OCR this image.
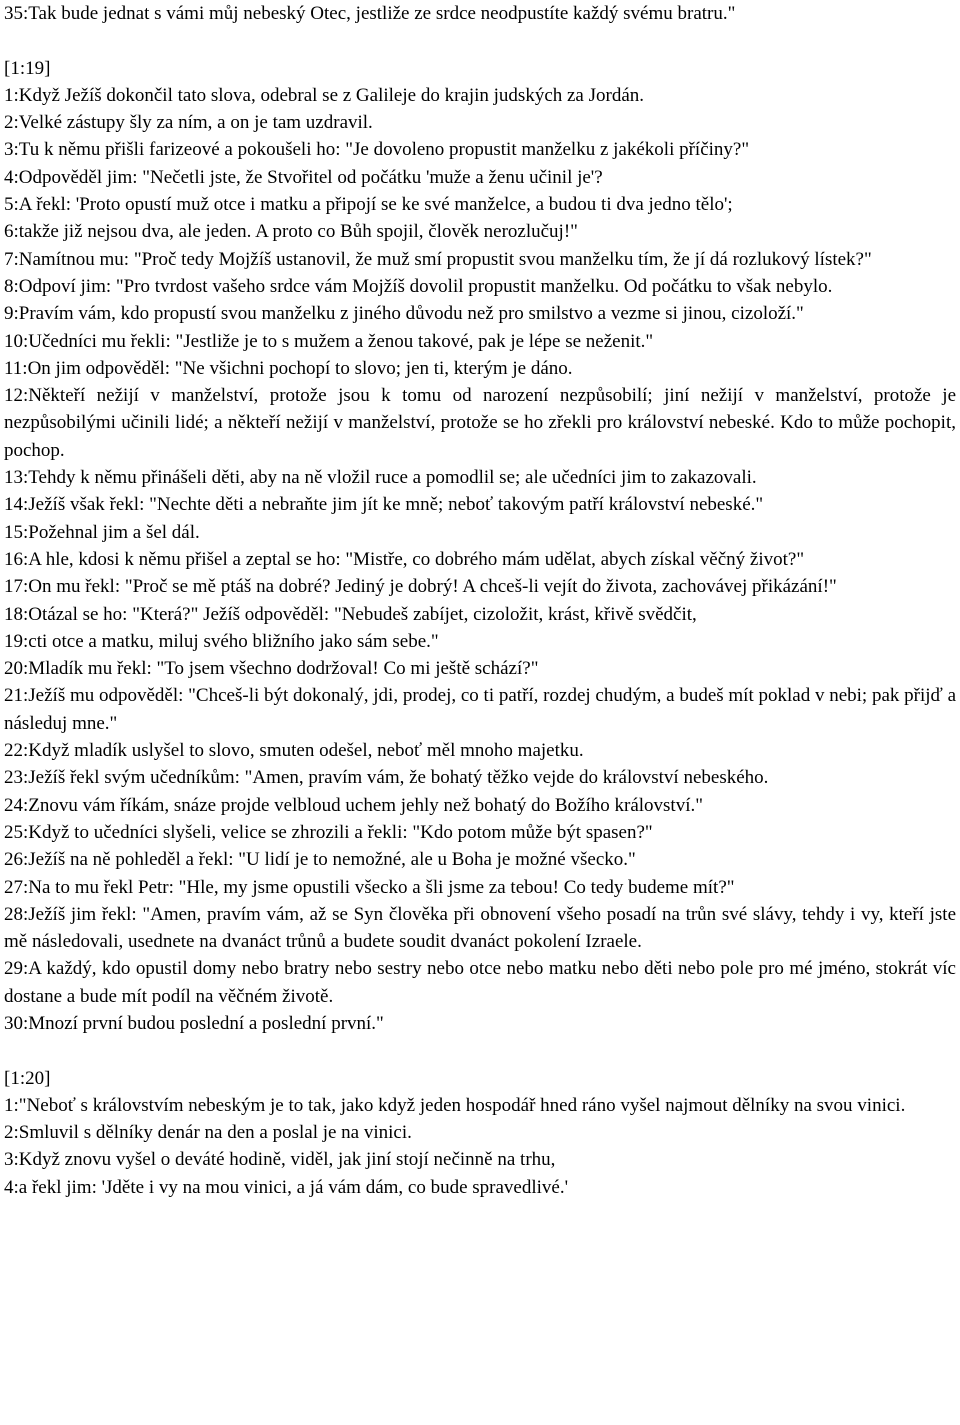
35:Tak bude jednat s vámi můj nebeský Otec, jestliže ze srdce neodpustíte každý svému bratru."

[1:19]

1:Když Ježíš dokončil tato slova, odebral se z Galileje do krajin judských za Jordán.

2:Velké zástupy šly za ním, a on je tam uzdravil.

3:Tu k němu přišli farizeové a pokoušeli ho: "Je dovoleno propustit manželku z jakékoli příčiny?"

4:Odpověděl jim: "Nečetli jste, že Stvořitel od počátku 'muže a ženu učinil je'?

5:A řekl: 'Proto opustí muž otce i matku a připojí se ke své manželce, a budou ti dva jedno tělo';

6:takže již nejsou dva, ale jeden. A proto co Bůh spojil, člověk nerozlučuj!"

7:Namítnou mu: "Proč tedy Mojžíš ustanovil, že muž smí propustit svou manželku tím, že jí dá rozlukový lístek?"

8:Odpoví jim: "Pro tvrdost vašeho srdce vám Mojžíš dovolil propustit manželku. Od počátku to však nebylo.

9:Pravím vám, kdo propustí svou manželku z jiného důvodu než pro smilstvo a vezme si jinou, cizoloží."

10:Učedníci mu řekli: "Jestliže je to s mužem a ženou takové, pak je lépe se neženit."

11:On jim odpověděl: "Ne všichni pochopí to slovo; jen ti, kterým je dáno.

12:Někteří nežijí v manželství, protože jsou k tomu od narození nezpůsobilí; jiní nežijí v manželství, protože je nezpůsobilými učinili lidé; a někteří nežijí v manželství, protože se ho zřekli pro království nebeské. Kdo to může pochopit, pochop.

13:Tehdy k němu přinášeli děti, aby na ně vložil ruce a pomodlil se; ale učedníci jim to zakazovali.

14:Ježíš však řekl: "Nechte děti a nebraňte jim jít ke mně; neboť takovým patří království nebeské."

15:Požehnal jim a šel dál.

16:A hle, kdosi k němu přišel a zeptal se ho: "Mistře, co dobrého mám udělat, abych získal věčný život?"

17:On mu řekl: "Proč se mě ptáš na dobré? Jediný je dobrý! A chceš-li vejít do života, zachovávej přikázání!"

18:Otázal se ho: "Která?" Ježíš odpověděl: "Nebudeš zabíjet, cizoložit, krást, křivě svědčit,

19:cti otce a matku, miluj svého bližního jako sám sebe."

20:Mladík mu řekl: "To jsem všechno dodržoval! Co mi ještě schází?"

21:Ježíš mu odpověděl: "Chceš-li být dokonalý, jdi, prodej, co ti patří, rozdej chudým, a budeš mít poklad v nebi; pak přijď a následuj mne."

22:Když mladík uslyšel to slovo, smuten odešel, neboť měl mnoho majetku.

23:Ježíš řekl svým učedníkům: "Amen, pravím vám, že bohatý těžko vejde do království nebeského.

24:Znovu vám říkám, snáze projde velbloud uchem jehly než bohatý do Božího království."

25:Když to učedníci slyšeli, velice se zhrozili a řekli: "Kdo potom může být spasen?"

26:Ježíš na ně pohleděl a řekl: "U lidí je to nemožné, ale u Boha je možné všecko."

27:Na to mu řekl Petr: "Hle, my jsme opustili všecko a šli jsme za tebou! Co tedy budeme mít?"

28:Ježíš jim řekl: "Amen, pravím vám, až se Syn člověka při obnovení všeho posadí na trůn své slávy, tehdy i vy, kteří jste mě následovali, usednete na dvanáct trůnů a budete soudit dvanáct pokolení Izraele.

29:A každý, kdo opustil domy nebo bratry nebo sestry nebo otce nebo matku nebo děti nebo pole pro mé jméno, stokrát víc dostane a bude mít podíl na věčném životě.

30:Mnozí první budou poslední a poslední první."

[1:20]

1:"Neboť s královstvím nebeským je to tak, jako když jeden hospodář hned ráno vyšel najmout dělníky na svou vinici.

2:Smluvil s dělníky denár na den a poslal je na vinici.

3:Když znovu vyšel o deváté hodině, viděl, jak jiní stojí nečinně na trhu,

4:a řekl jim: 'Jděte i vy na mou vinici, a já vám dám, co bude spravedlivé.'
